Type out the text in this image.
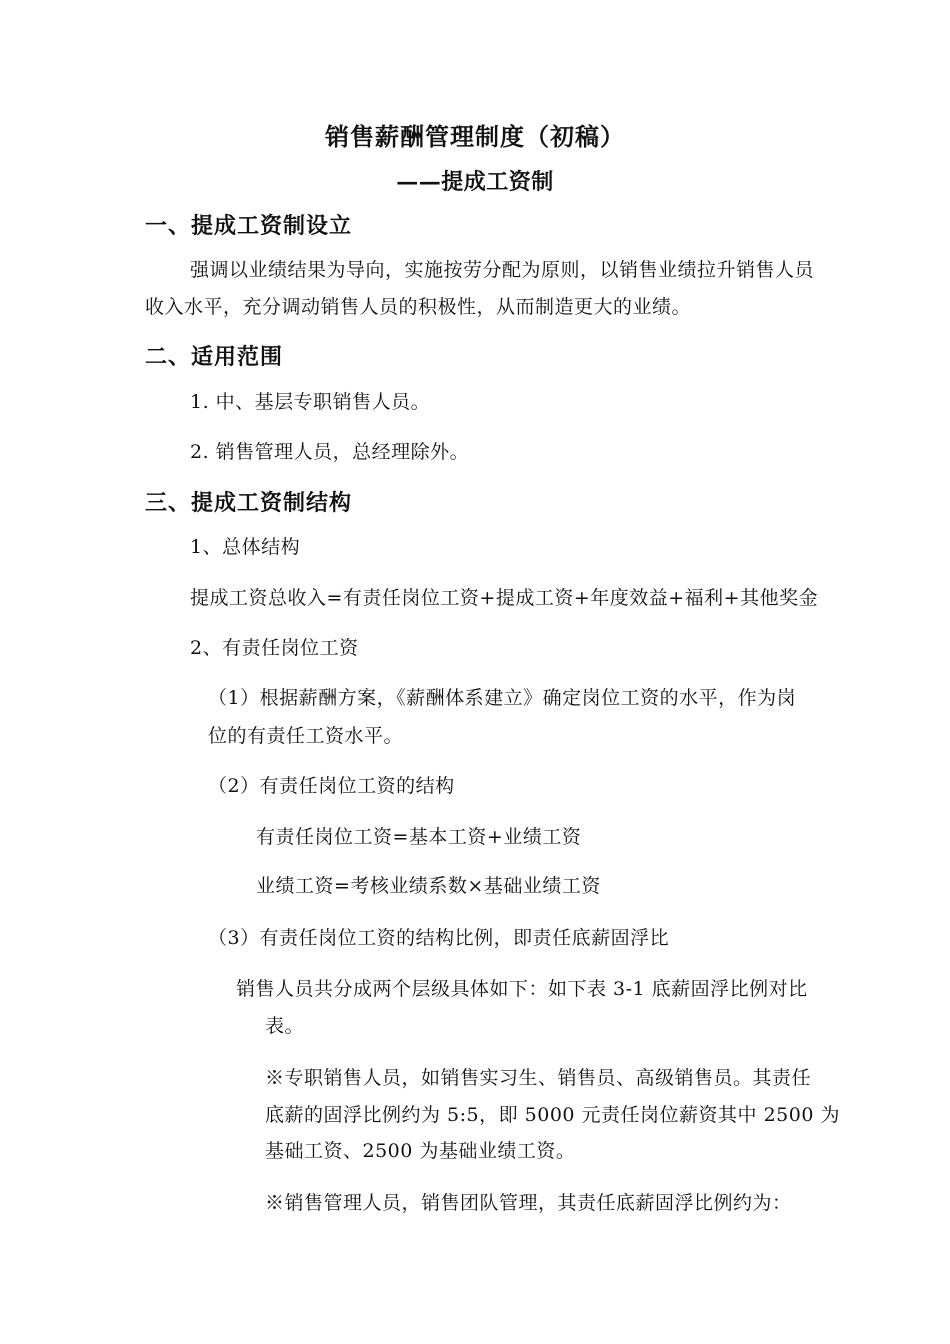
销售薪酬管理制度（初稿）
——提成工资制
一、提成工资制设立

强调以业绩结果为导向，实施按劳分配为原则，以销售业绩拉升销售人员

收入水平，充分调动销售人员的积极性，从而制造更大的业绩。

二、适用范围

1. 中、基层专职销售人员。

2. 销售管理人员，总经理除外。

三、提成工资制结构

1、总体结构

提成工资总收入=有责任岗位工资+提成工资+年度效益+福利+其他奖金

2、有责任岗位工资

（1）根据薪酬方案，《薪酬体系建立》确定岗位工资的水平，作为岗

位的有责任工资水平。

（2）有责任岗位工资的结构

有责任岗位工资=基本工资+业绩工资

业绩工资=考核业绩系数×基础业绩工资

（3）有责任岗位工资的结构比例，即责任底薪固浮比

销售人员共分成两个层级具体如下：如下表 3-1 底薪固浮比例对比

表。

※专职销售人员，如销售实习生、销售员、高级销售员。其责任

底薪的固浮比例约为 5:5，即 5000 元责任岗位薪资其中 2500 为

基础工资、2500 为基础业绩工资。

※销售管理人员，销售团队管理，其责任底薪固浮比例约为：
